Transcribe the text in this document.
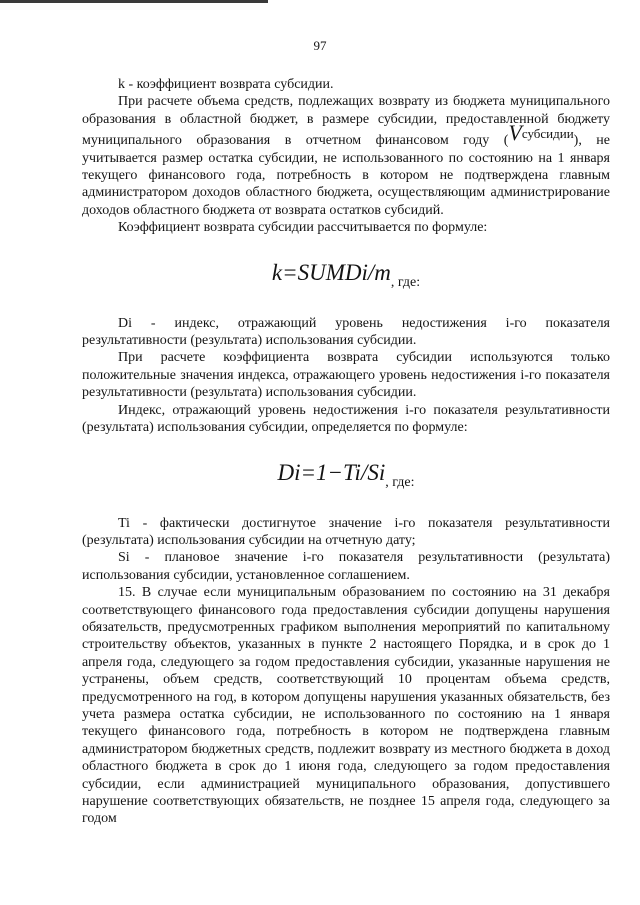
97

k - коэффициент возврата субсидии.

При расчете объема средств, подлежащих возврату из бюджета муниципального образования в областной бюджет, в размере субсидии, предоставленной бюджету муниципального образования в отчетном финансовом году (Vсубсидии), не учитывается размер остатка субсидии, не использованного по состоянию на 1 января текущего финансового года, потребность в котором не подтверждена главным администратором доходов областного бюджета, осуществляющим администрирование доходов областного бюджета от возврата остатков субсидий.

Коэффициент возврата субсидии рассчитывается по формуле:

$k=SUMDi/m_{, где:}$

Di - индекс, отражающий уровень недостижения i-го показателя результативности (результата) использования субсидии.

При расчете коэффициента возврата субсидии используются только положительные значения индекса, отражающего уровень недостижения i-го показателя результативности (результата) использования субсидии.

Индекс, отражающий уровень недостижения i-го показателя результативности (результата) использования субсидии, определяется по формуле:

$Di=1-Ti/Si_{, где:}$

Ti - фактически достигнутое значение i-го показателя результативности (результата) использования субсидии на отчетную дату;

Si - плановое значение i-го показателя результативности (результата) использования субсидии, установленное соглашением.

15. В случае если муниципальным образованием по состоянию на 31 декабря соответствующего финансового года предоставления субсидии допущены нарушения обязательств, предусмотренных графиком выполнения мероприятий по капитальному строительству объектов, указанных в пункте 2 настоящего Порядка, и в срок до 1 апреля года, следующего за годом предоставления субсидии, указанные нарушения не устранены, объем средств, соответствующий 10 процентам объема средств, предусмотренного на год, в котором допущены нарушения указанных обязательств, без учета размера остатка субсидии, не использованного по состоянию на 1 января текущего финансового года, потребность в котором не подтверждена главным администратором бюджетных средств, подлежит возврату из местного бюджета в доход областного бюджета в срок до 1 июня года, следующего за годом предоставления субсидии, если администрацией муниципального образования, допустившего нарушение соответствующих обязательств, не позднее 15 апреля года, следующего за годом
